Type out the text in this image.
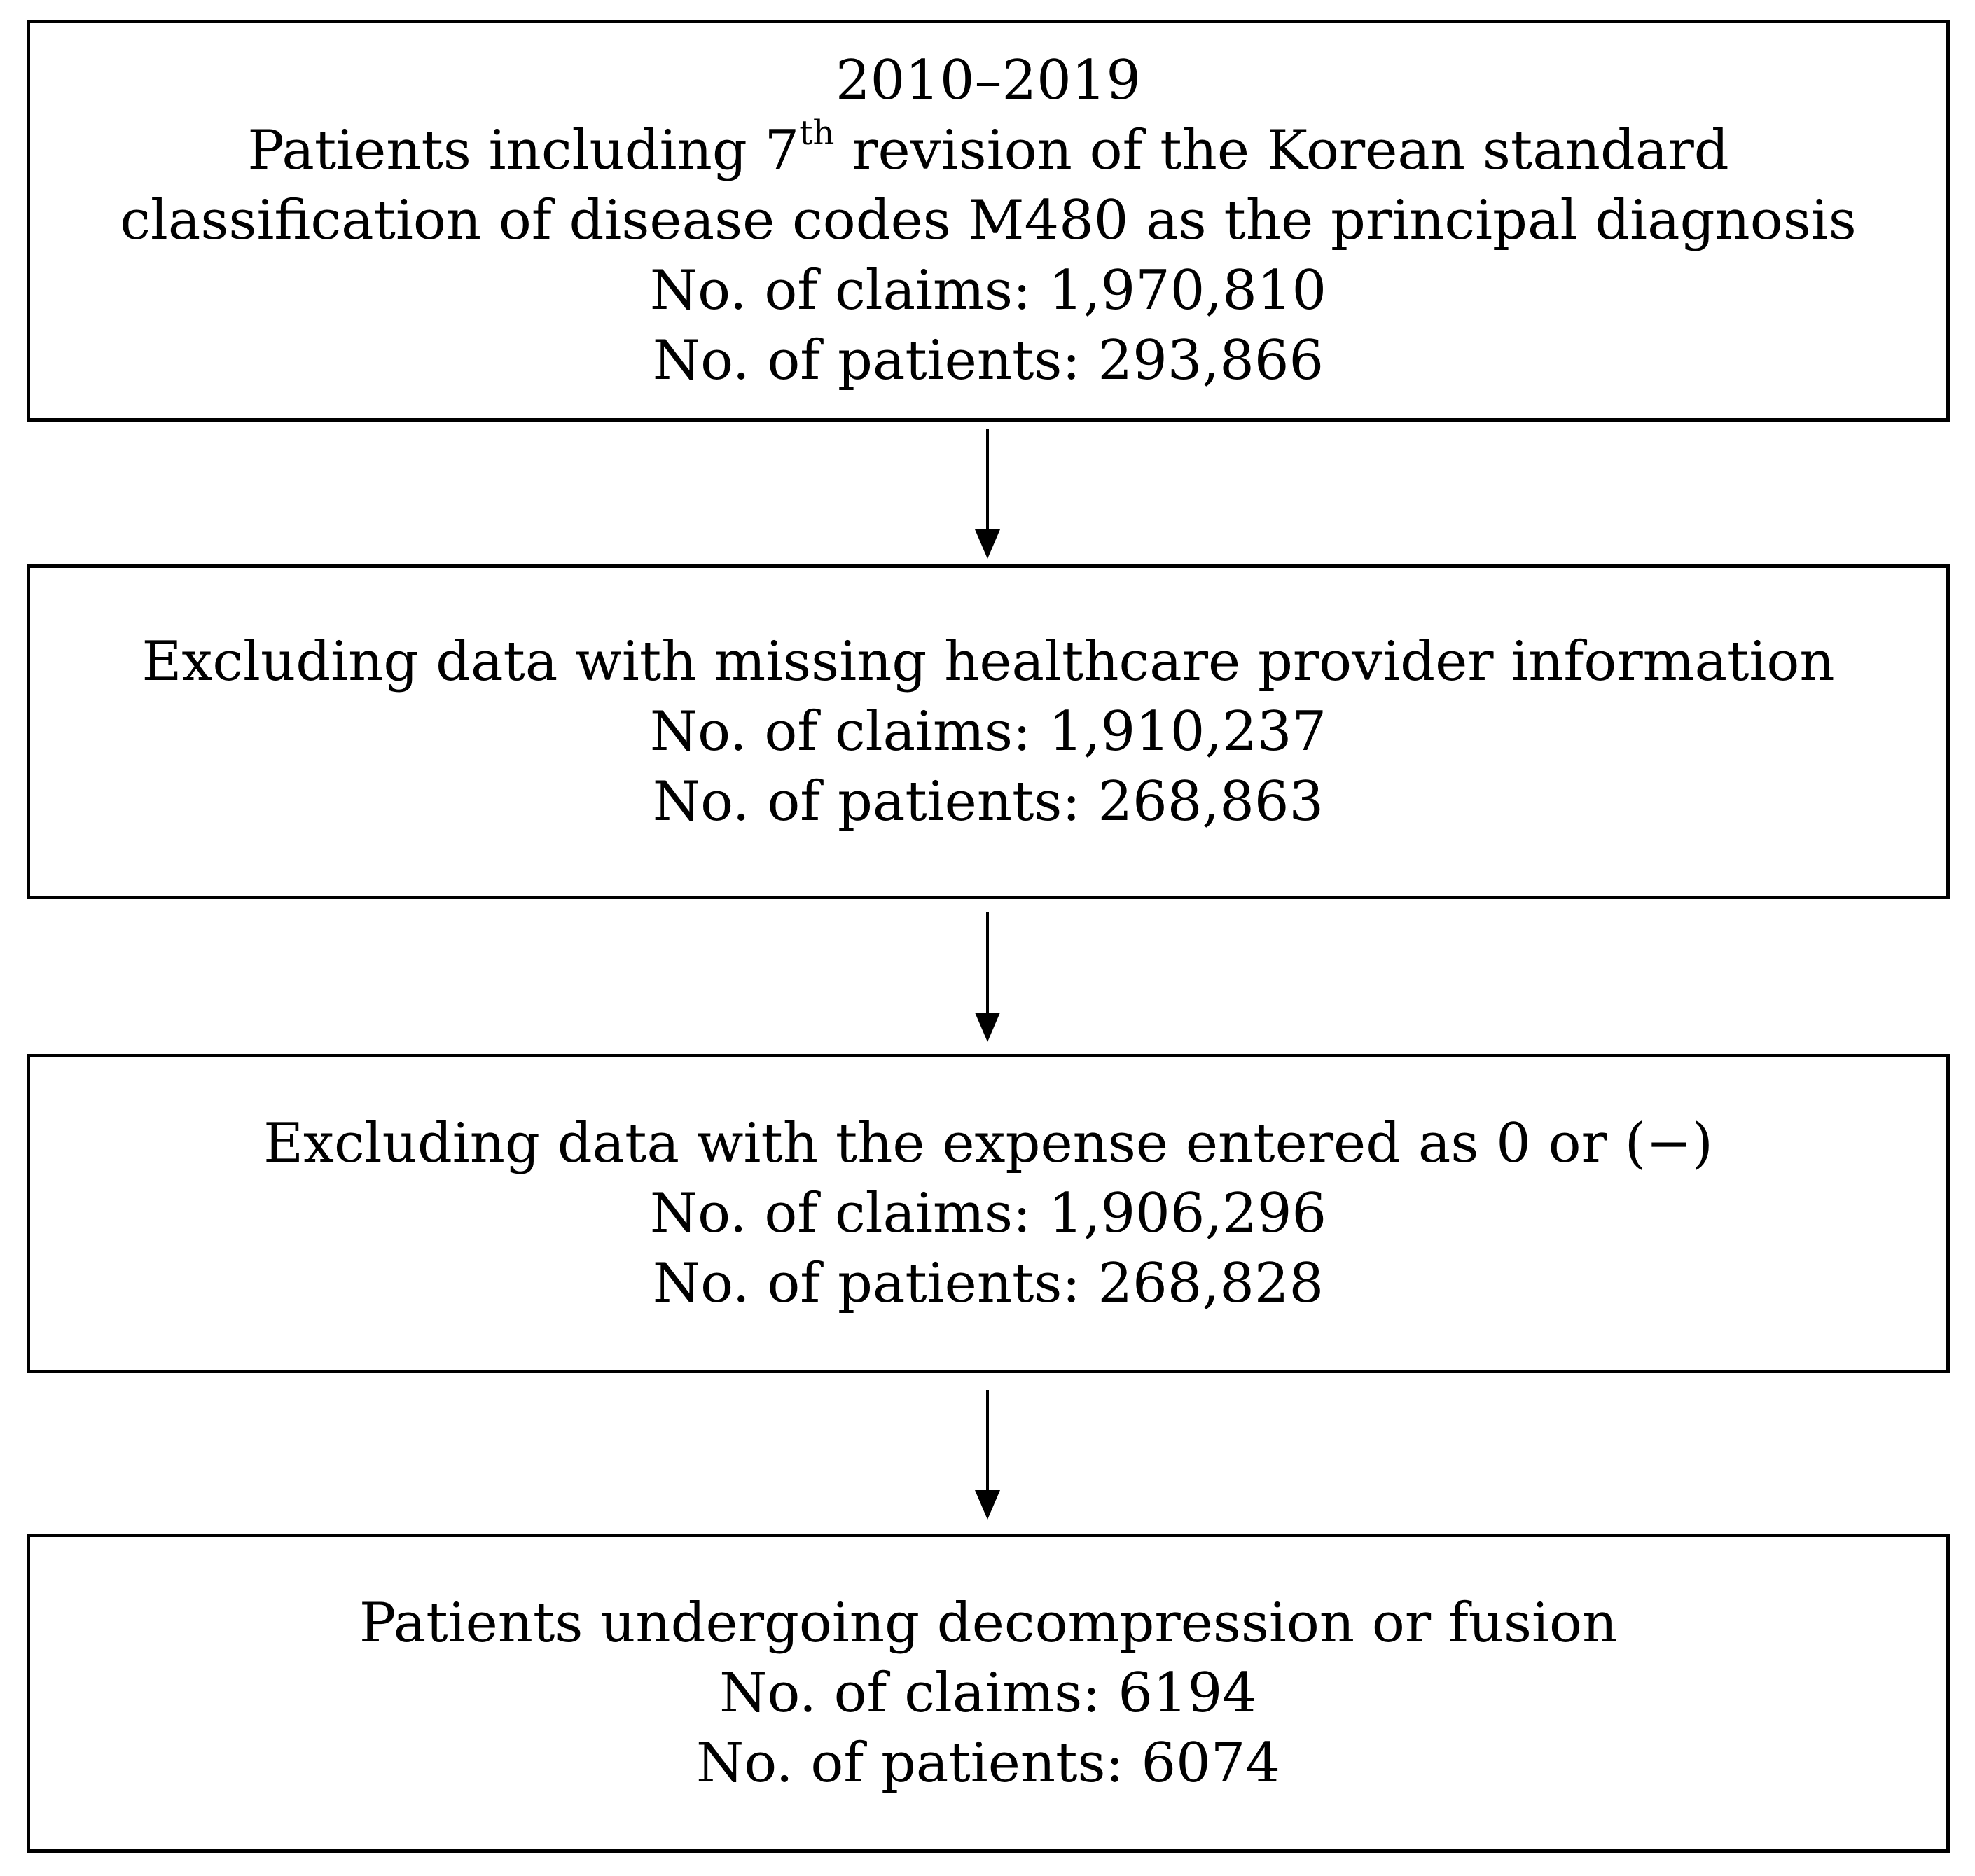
2010–2019
Patients including 7th revision of the Korean standard
classification of disease codes M480 as the principal diagnosis
No. of claims: 1,970,810
No. of patients: 293,866
Excluding data with missing healthcare provider information
No. of claims: 1,910,237
No. of patients: 268,863
Excluding data with the expense entered as 0 or (−)
No. of claims: 1,906,296
No. of patients: 268,828
Patients undergoing decompression or fusion
No. of claims: 6194
No. of patients: 6074
